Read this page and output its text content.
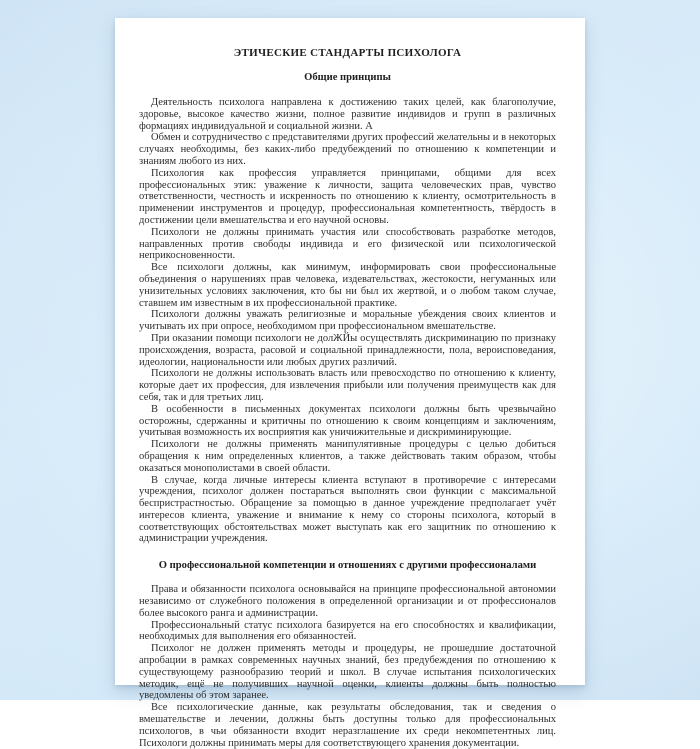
ЭТИЧЕСКИЕ СТАНДАРТЫ ПСИХОЛОГА
Общие принципы

Деятельность психолога направлена к достижению таких целей, как благополучие, здоровье, высокое качество жизни, полное развитие индивидов и групп в различных формациях индивидуальной и социальной жизни. А

Обмен и сотрудничество с представителями других профессий желательны и в некоторых случаях необходимы, без каких-либо предубеждений по отношению к компетенции и знаниям любого из них.

Психология как профессия управляется принципами, общими для всех профессиональных этик: уважение к личности, защита человеческих прав, чувство ответственности, честность и искренность по отношению к клиенту, осмотрительность в применении инструментов и процедур, профессиональная компетентность, твёрдость в достижении цели вмешательства и его научной основы.

Психологи не должны принимать участия или способствовать разработке методов, направленных против свободы индивида и его физической или психологической неприкосновенности.

Все психологи должны, как минимум, информировать свои профессиональные объединения о нарушениях прав человека, издевательствах, жестокости, негуманных или унизительных условиях заключения, кто бы ни был их жертвой, и о любом таком случае, ставшем им известным в их профессиональной практике.

Психологи должны уважать религиозные и моральные убеждения своих клиентов и учитывать их при опросе, необходимом при профессиональном вмешательстве.

При оказании помощи психологи не долЖЙы осуществлять дискриминацию по признаку происхождения, возраста, расовой и социальной принадлежности, пола, вероисповедания, идеологии, национальности или любых других различий.

Психологи не должны использовать власть или превосходство по отношению к клиенту, которые дает их профессия, для извлечения прибыли или получения преимуществ как для себя, так и для третьих лиц.

В особенности в письменных документах психологи должны быть чрезвычайно осторожны, сдержанны и критичны по отношению к своим концепциям и заключениям, учитывая возможность их восприятия как уничижительные и дискриминирующие.

Психологи не должны применять манипулятивные процедуры с целью добиться обращения к ним определенных клиентов, а также действовать таким образом, чтобы оказаться монополистами в своей области.

В случае, когда личные интересы клиента вступают в противоречие с интересами учреждения, психолог должен постараться выполнять свои функции с максимальной беспристрастностью. Обращение за помощью в данное учреждение предполагает учёт интересов клиента, уважение и внимание к нему со стороны психолога, который в соответствующих обстоятельствах может выступать как его защитник по отношению к администрации учреждения.

О профессиональной компетенции и отношениях с другими профессионалами

Права и обязанности психолога основывайся на принципе профессиональной автономии независимо от служебного положения в определенной организации и от профессионалов более высокого ранга и администрации.

Профессиональный статус психолога базируется на его способностях и квалификации, необходимых для выполнения его обязанностей.

Психолог не должен применять методы и процедуры, не прошедшие достаточной апробации в рамках современных научных знаний, без предубеждения по отношению к существующему разнообразию теорий и школ. В случае испытания психологических методик, ещё не получивших научной оценки, клиенты должны быть полностью уведомлены об этом заранее.

Все психологические данные, как результаты обследования, так и сведения о вмешательстве и лечении, должны быть доступны только для профессиональных психологов, в чьи обязанности входит неразглашение их среди некомпетентных лиц. Психологи должны принимать меры для соответствующего хранения документации.
